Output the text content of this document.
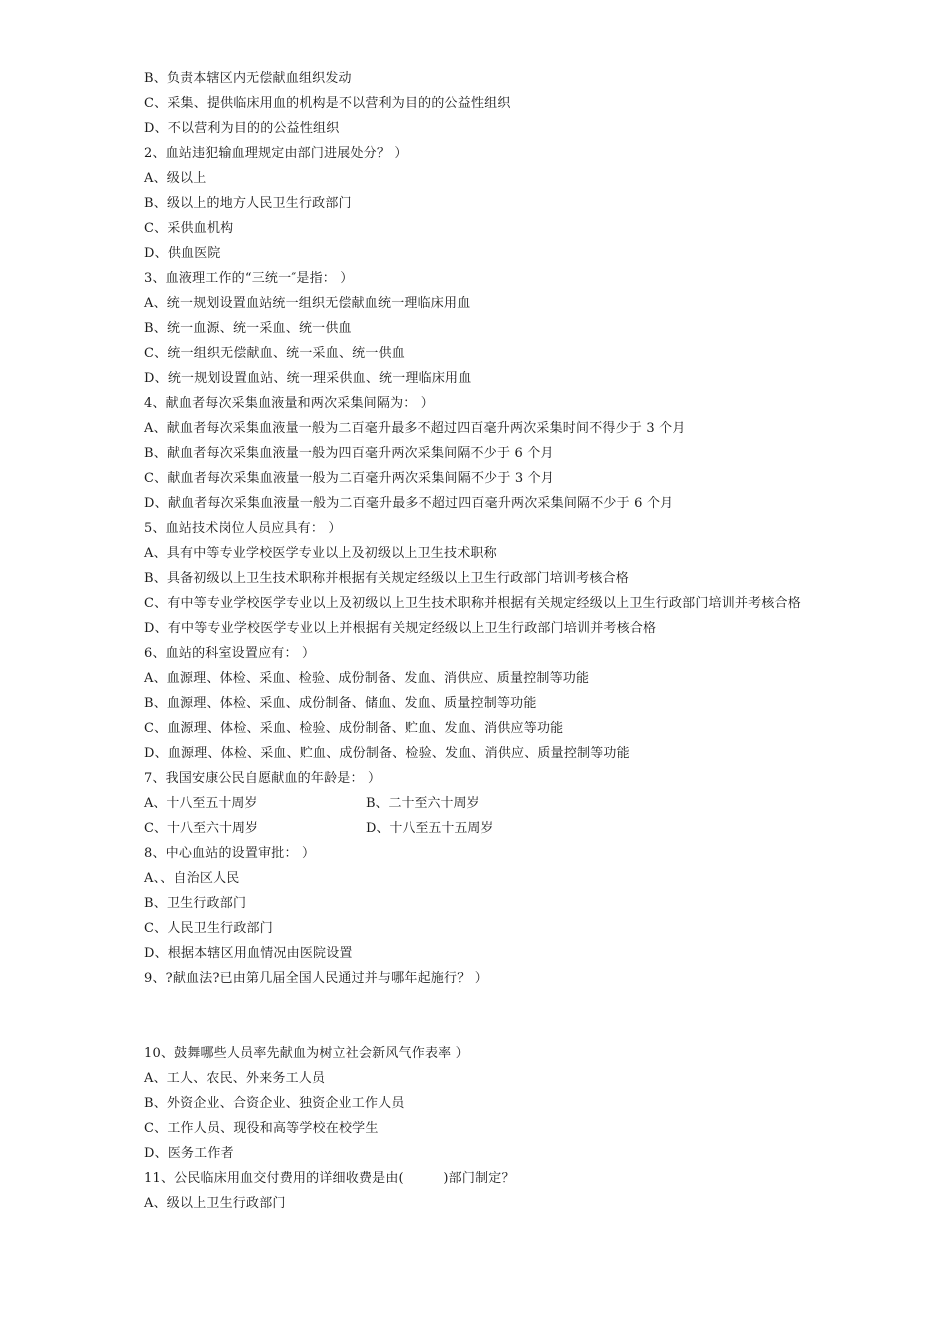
B、负责本辖区内无偿献血组织发动
C、采集、提供临床用血的机构是不以营利为目的的公益性组织
D、不以营利为目的的公益性组织
2、血站违犯输血理规定由部门进展处分？ ）
A、级以上
B、级以上的地方人民卫生行政部门
C、采供血机构
D、供血医院
3、血液理工作的“三统一″是指： ）
A、统一规划设置血站统一组织无偿献血统一理临床用血
B、统一血源、统一采血、统一供血
C、统一组织无偿献血、统一采血、统一供血
D、统一规划设置血站、统一理采供血、统一理临床用血
4、献血者每次采集血液量和两次采集间隔为： ）
A、献血者每次采集血液量一般为二百毫升最多不超过四百毫升两次采集时间不得少于 3 个月
B、献血者每次采集血液量一般为四百毫升两次采集间隔不少于 6 个月
C、献血者每次采集血液量一般为二百毫升两次采集间隔不少于 3 个月
D、献血者每次采集血液量一般为二百毫升最多不超过四百毫升两次采集间隔不少于 6 个月
5、血站技术岗位人员应具有： ）
A、具有中等专业学校医学专业以上及初级以上卫生技术职称
B、具备初级以上卫生技术职称并根据有关规定经级以上卫生行政部门培训考核合格
C、有中等专业学校医学专业以上及初级以上卫生技术职称并根据有关规定经级以上卫生行政部门培训并考核合格
D、有中等专业学校医学专业以上并根据有关规定经级以上卫生行政部门培训并考核合格
6、血站的科室设置应有： ）
A、血源理、体检、采血、检验、成份制备、发血、消供应、质量控制等功能
B、血源理、体检、采血、成份制备、储血、发血、质量控制等功能
C、血源理、体检、采血、检验、成份制备、贮血、发血、消供应等功能
D、血源理、体检、采血、贮血、成份制备、检验、发血、消供应、质量控制等功能
7、我国安康公民自愿献血的年龄是： ）
A、十八至五十周岁	B、二十至六十周岁
C、十八至六十周岁	D、十八至五十五周岁
8、中心血站的设置审批： ）
A、、自治区人民
B、卫生行政部门
C、人民卫生行政部门
D、根据本辖区用血情况由医院设置
9、?献血法?已由第几届全国人民通过并与哪年起施行？ ）
10、鼓舞哪些人员率先献血为树立社会新风气作表率 ）
A、工人、农民、外来务工人员
B、外资企业、合资企业、独资企业工作人员
C、工作人员、现役和高等学校在校学生
D、医务工作者
11、公民临床用血交付费用的详细收费是由(　　　)部门制定？
A、级以上卫生行政部门
